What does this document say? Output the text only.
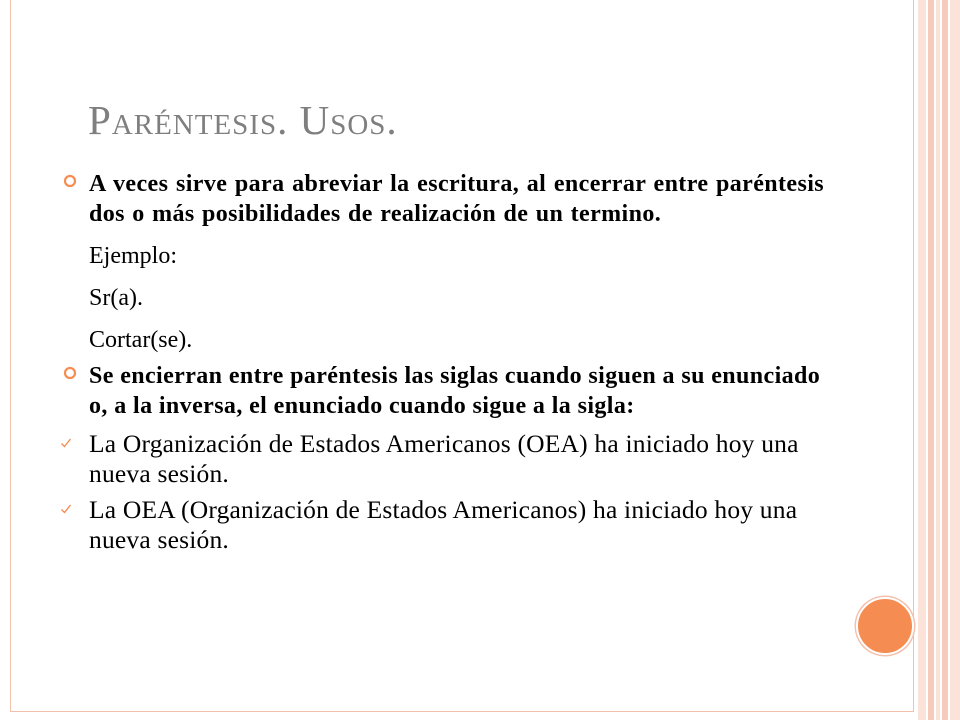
Paréntesis. Usos.
A veces sirve para abreviar la escritura, al encerrar entre paréntesis dos o más posibilidades de realización de un termino.
Ejemplo:
Sr(a).
Cortar(se).
Se encierran entre paréntesis las siglas cuando siguen a su enunciado o, a la inversa, el enunciado cuando sigue a la sigla:
La Organización de Estados Americanos (OEA) ha iniciado hoy una nueva sesión.
La OEA (Organización de Estados Americanos) ha iniciado hoy una nueva sesión.
